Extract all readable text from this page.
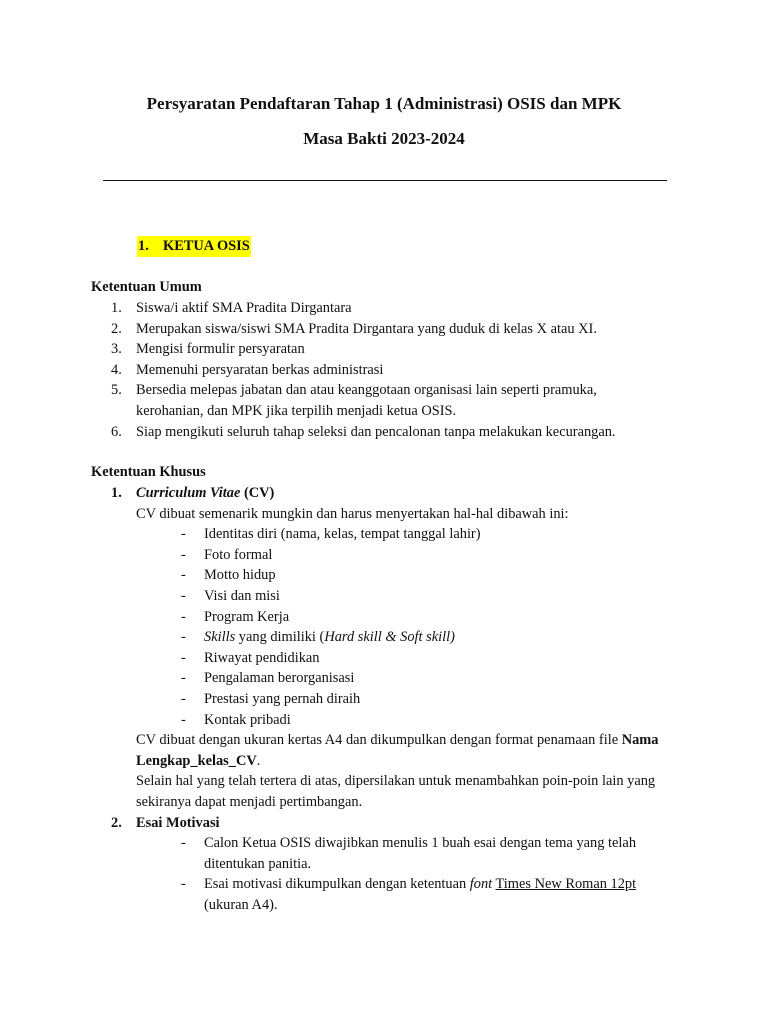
Persyaratan Pendaftaran Tahap 1 (Administrasi) OSIS dan MPK
Masa Bakti 2023-2024
1. KETUA OSIS
Ketentuan Umum
1. Siswa/i aktif SMA Pradita Dirgantara
2. Merupakan siswa/siswi SMA Pradita Dirgantara yang duduk di kelas X atau XI.
3. Mengisi formulir persyaratan
4. Memenuhi persyaratan berkas administrasi
5. Bersedia melepas jabatan dan atau keanggotaan organisasi lain seperti pramuka, kerohanian, dan MPK jika terpilih menjadi ketua OSIS.
6. Siap mengikuti seluruh tahap seleksi dan pencalonan tanpa melakukan kecurangan.
Ketentuan Khusus
1. Curriculum Vitae (CV)
CV dibuat semenarik mungkin dan harus menyertakan hal-hal dibawah ini:
-	Identitas diri (nama, kelas, tempat tanggal lahir)
-	Foto formal
-	Motto hidup
-	Visi dan misi
-	Program Kerja
-	Skills yang dimiliki (Hard skill & Soft skill)
-	Riwayat pendidikan
-	Pengalaman berorganisasi
-	Prestasi yang pernah diraih
-	Kontak pribadi
CV dibuat dengan ukuran kertas A4 dan dikumpulkan dengan format penamaan file Nama Lengkap_kelas_CV.
Selain hal yang telah tertera di atas, dipersilakan untuk menambahkan poin-poin lain yang sekiranya dapat menjadi pertimbangan.
2. Esai Motivasi
-	Calon Ketua OSIS diwajibkan menulis 1 buah esai dengan tema yang telah ditentukan panitia.
-	Esai motivasi dikumpulkan dengan ketentuan font Times New Roman 12pt (ukuran A4).
